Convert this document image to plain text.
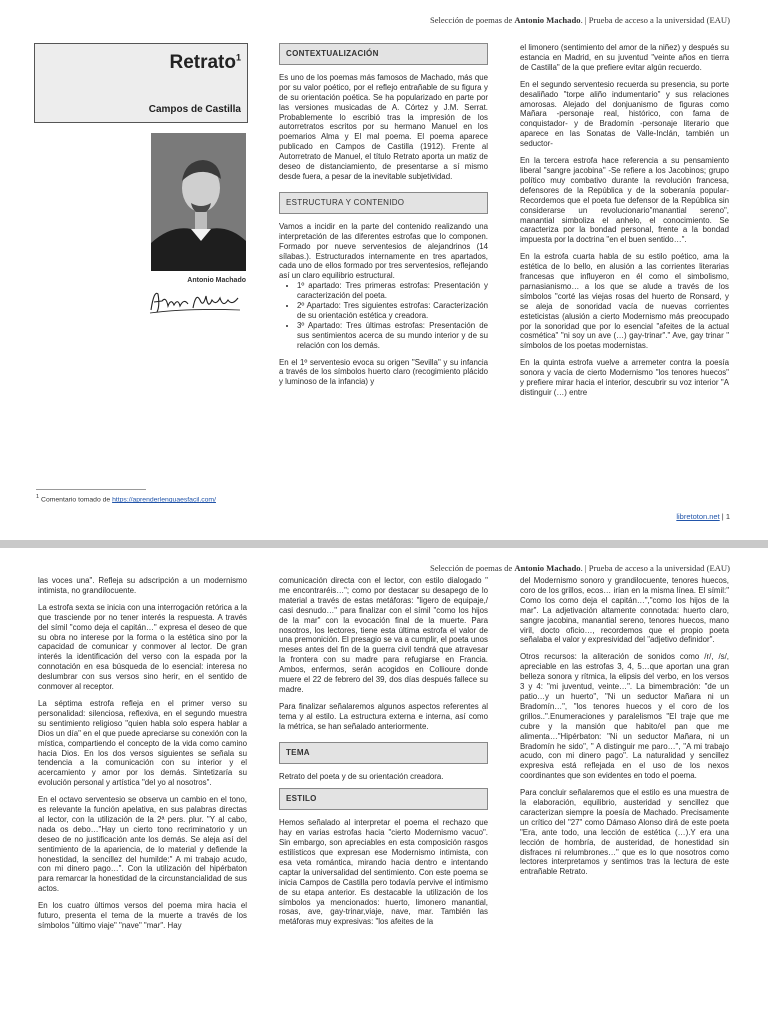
Selección de poemas de Antonio Machado. | Prueba de acceso a la universidad (EAU)
Retrato$^1$
Campos de Castilla
Antonio Machado
CONTEXTUALIZACIÓN

Es uno de los poemas más famosos de Machado, más que por su valor poético, por el reflejo entrañable de su figura y de su orientación poética. Se ha popularizado en parte por las versiones musicadas de A. Córtez y J.M. Serrat. Probablemente lo escribió tras la impresión de los autorretratos escritos por su hermano Manuel en los poemarios Alma y El mal poema. El poema aparece publicado en Campos de Castilla (1912). Frente al Autorretrato de Manuel, el título Retrato aporta un matiz de deseo de distanciamiento, de presentarse a sí mismo desde fuera, a pesar de la inevitable subjetividad.

ESTRUCTURA Y CONTENIDO

Vamos a incidir en la parte del contenido realizando una interpretación de las diferentes estrofas que lo componen. Formado por nueve serventesios de alejandrinos (14 sílabas.). Estructurados internamente en tres apartados, cada uno de ellos formado por tres serventesios, reflejando así un claro equilibrio estructural.

• 1º apartado: Tres primeras estrofas: Presentación y caracterización del poeta.
• 2º Apartado: Tres siguientes estrofas: Caracterización de su orientación estética y creadora.
• 3º Apartado: Tres últimas estrofas: Presentación de sus sentimientos acerca de su mundo interior y de su relación con los demás.

En el 1º serventesio evoca su origen "Sevilla" y su infancia a través de los símbolos huerto claro (recogimiento plácido y luminoso de la infancia) y

el limonero (sentimiento del amor de la niñez) y después su estancia en Madrid, en su juventud "veinte años en tierra de Castilla" de la que prefiere evitar algún recuerdo.

En el segundo serventesio recuerda su presencia, su porte desaliñado "torpe aliño indumentario" y sus relaciones amorosas. Alejado del donjuanismo de figuras como Mañara -personaje real, histórico, con fama de conquistador- y de Bradomín -personaje literario que aparece en las Sonatas de Valle-Inclán, también un seductor-

En la tercera estrofa hace referencia a su pensamiento liberal "sangre jacobina" -Se refiere a los Jacobinos; grupo político muy combativo durante la revolución francesa, defensores de la República y de la soberanía popular-Recordemos que el poeta fue defensor de la República sin considerarse un revolucionario"manantial sereno", manantial simboliza el anhelo, el conocimiento. Se caracteriza por la bondad personal, frente a la bondad impuesta por la doctrina "en el buen sentido…".

En la estrofa cuarta habla de su estilo poético, ama la estética de lo bello, en alusión a las corrientes literarias francesas que influyeron en él como el simbolismo, parnasianismo… a los que se alude a través de los símbolos "corté las viejas rosas del huerto de Ronsard, y se aleja de sonoridad vacía de nuevas corrientes esteticistas (alusión a cierto Modernismo más preocupado por la sonoridad que por lo esencial "afeites de la actual cosmética" "ni soy un ave (…) gay-trinar"." Ave, gay trinar " símbolos de los poetas modernistas.

En la quinta estrofa vuelve a arremeter contra la poesía sonora y vacía de cierto Modernismo "los tenores huecos" y prefiere mirar hacia el interior, descubrir su voz interior "A distinguir (…) entre

$^1$ Comentario tomado de https://aprenderlenguaesfacil.com/
libretoton.net | 1
Selección de poemas de Antonio Machado. | Prueba de acceso a la universidad (EAU)

las voces una". Refleja su adscripción a un modernismo intimista, no grandilocuente.

La estrofa sexta se inicia con una interrogación retórica a la que trasciende por no tener interés la respuesta. A través del símil "como deja el capitán…" expresa el deseo de que su obra no interese por la forma o la estética sino por la capacidad de comunicar y conmover al lector. De gran interés la identificación del verso con la espada por la connotación en esa búsqueda de lo esencial: interesa no deslumbrar con sus versos sino herir, en el sentido de conmover al receptor.

La séptima estrofa refleja en el primer verso su personalidad: silenciosa, reflexiva, en el segundo muestra su sentimiento religioso "quien habla solo espera hablar a Dios un día" en el que puede apreciarse su conexión con la mística, compartiendo el concepto de la vida como camino hacia Dios. En los dos versos siguientes se señala su tendencia a la comunicación con su interior y el acercamiento y amor por los demás. Sintetizaría su evolución personal y artística "del yo al nosotros".

En el octavo serventesio se observa un cambio en el tono, es relevante la función apelativa, en sus palabras directas al lector, con la utilización de la 2ª pers. plur. "Y al cabo, nada os debo…"Hay un cierto tono recriminatorio y un deseo de no justificación ante los demás. Se aleja así del sentimiento de la apariencia, de lo material y defiende la honestidad, la sencillez del humilde:" A mi trabajo acudo, con mi dinero pago…". Con la utilización del hipérbaton para remarcar la honestidad de la circunstancialidad de sus actos.

En los cuatro últimos versos del poema mira hacia el futuro, presenta el tema de la muerte a través de los símbolos "último viaje" "nave" "mar". Hay

comunicación directa con el lector, con estilo dialogado " me encontraréis…"; como por destacar su desapego de lo material a través de estas metáforas: "ligero de equipaje,/ casi desnudo…" para finalizar con el símil "como los hijos de la mar" con la evocación final de la muerte. Para nosotros, los lectores, tiene esta última estrofa el valor de una premonición. El presagio se va a cumplir, el poeta unos meses antes del fin de la guerra civil tendrá que atravesar la frontera con su madre para refugiarse en Francia. Ambos, enfermos, serán acogidos en Collioure donde muere el 22 de febrero del 39, dos días después fallece su madre.

Para finalizar señalaremos algunos aspectos referentes al tema y al estilo. La estructura externa e interna, así como la métrica, se han señalado anteriormente.

TEMA

Retrato del poeta y de su orientación creadora.

ESTILO

Hemos señalado al interpretar el poema el rechazo que hay en varias estrofas hacia "cierto Modernismo vacuo". Sin embargo, son apreciables en esta composición rasgos estilísticos que expresan ese Modernismo intimista, con esa veta romántica, mirando hacia dentro e intentando captar la universalidad del sentimiento. Con este poema se inicia Campos de Castilla pero todavía pervive el intimismo de su etapa anterior. Es destacable la utilización de los símbolos ya mencionados: huerto, limonero manantial, rosas, ave, gay-trinar,viaje, nave, mar. También las metáforas muy expresivas: "los afeites de la

del Modernismo sonoro y grandilocuente, tenores huecos, coro de los grillos, ecos… irían en la misma línea. El símil:" Como los como deja el capitán…","como los hijos de la mar". La adjetivación altamente connotada: huerto claro, sangre jacobina, manantial sereno, tenores huecos, mano viril, docto oficio…, recordemos que el propio poeta señalaba el valor y expresividad del "adjetivo definidor".

Otros recursos: la aliteración de sonidos como /r/, /s/, apreciable en las estrofas 3, 4, 5…que aportan una gran belleza sonora y rítmica, la elipsis del verbo, en los versos 3 y 4: "mi juventud, veinte…". La bimembración: "de un patio…y un huerto", "Ni un seductor Mañara ni un Bradomín…", "los tenores huecos y el coro de los grillos..".Enumeraciones y paralelismos "El traje que me cubre y la mansión que habito/el pan que me alimenta…"Hipérbaton: "Ni un seductor Mañara, ni un Bradomín he sido", " A distinguir me paro…", "A mi trabajo acudo, con mi dinero pago". La naturalidad y sencillez expresiva está reflejada en el uso de los nexos coordinantes que son evidentes en todo el poema.

Para concluir señalaremos que el estilo es una muestra de la elaboración, equilibrio, austeridad y sencillez que caracterizan siempre la poesía de Machado. Precisamente un crítico del "27" como Dámaso Alonso dirá de este poeta "Era, ante todo, una lección de estética (…).Y era una lección de hombría, de austeridad, de honestidad sin disfraces ni relumbrones…" que es lo que nosotros como lectores interpretamos y sentimos tras la lectura de este entrañable Retrato.
